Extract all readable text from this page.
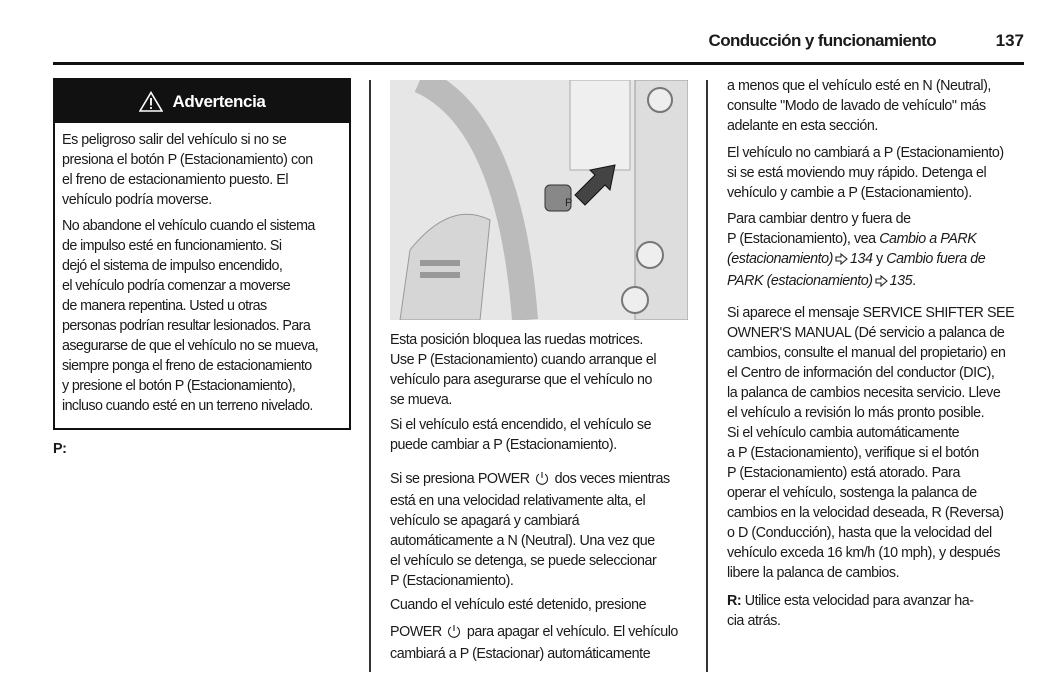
Conducción y funcionamiento	137
Advertencia
Es peligroso salir del vehículo si no se
presiona el botón P (Estacionamiento) con
el freno de estacionamiento puesto. El
vehículo podría moverse.
No abandone el vehículo cuando el sistema
de impulso esté en funcionamiento. Si
dejó el sistema de impulso encendido,
el vehículo podría comenzar a moverse
de manera repentina. Usted u otras
personas podrían resultar lesionados. Para
asegurarse de que el vehículo no se mueva,
siempre ponga el freno de estacionamiento
y presione el botón P (Estacionamiento),
incluso cuando esté en un terreno nivelado.
P:
P
Esta posición bloquea las ruedas motrices.
Use P (Estacionamiento) cuando arranque el
vehículo para asegurarse que el vehículo no
se mueva.
Si el vehículo está encendido, el vehículo se
puede cambiar a P (Estacionamiento).
Si se presiona POWER  dos veces mientras
está en una velocidad relativamente alta, el
vehículo se apagará y cambiará
automáticamente a N (Neutral). Una vez que
el vehículo se detenga, se puede seleccionar
P (Estacionamiento).
Cuando el vehículo esté detenido, presione
POWER  para apagar el vehículo. El vehículo
cambiará a P (Estacionar) automáticamente
a menos que el vehículo esté en N (Neutral),
consulte "Modo de lavado de vehículo" más
adelante en esta sección.
El vehículo no cambiará a P (Estacionamiento)
si se está moviendo muy rápido. Detenga el
vehículo y cambie a P (Estacionamiento).
Para cambiar dentro y fuera de
P (Estacionamiento), vea Cambio a PARK
(estacionamiento) 134 y Cambio fuera de
PARK (estacionamiento) 135.
Si aparece el mensaje SERVICE SHIFTER SEE
OWNER'S MANUAL (Dé servicio a palanca de
cambios, consulte el manual del propietario) en
el Centro de información del conductor (DIC),
la palanca de cambios necesita servicio. Lleve
el vehículo a revisión lo más pronto posible.
Si el vehículo cambia automáticamente
a P (Estacionamiento), verifique si el botón
P (Estacionamiento) está atorado. Para
operar el vehículo, sostenga la palanca de
cambios en la velocidad deseada, R (Reversa)
o D (Conducción), hasta que la velocidad del
vehículo exceda 16 km/h (10 mph), y después
libere la palanca de cambios.
R: Utilice esta velocidad para avanzar ha-
cia atrás.
